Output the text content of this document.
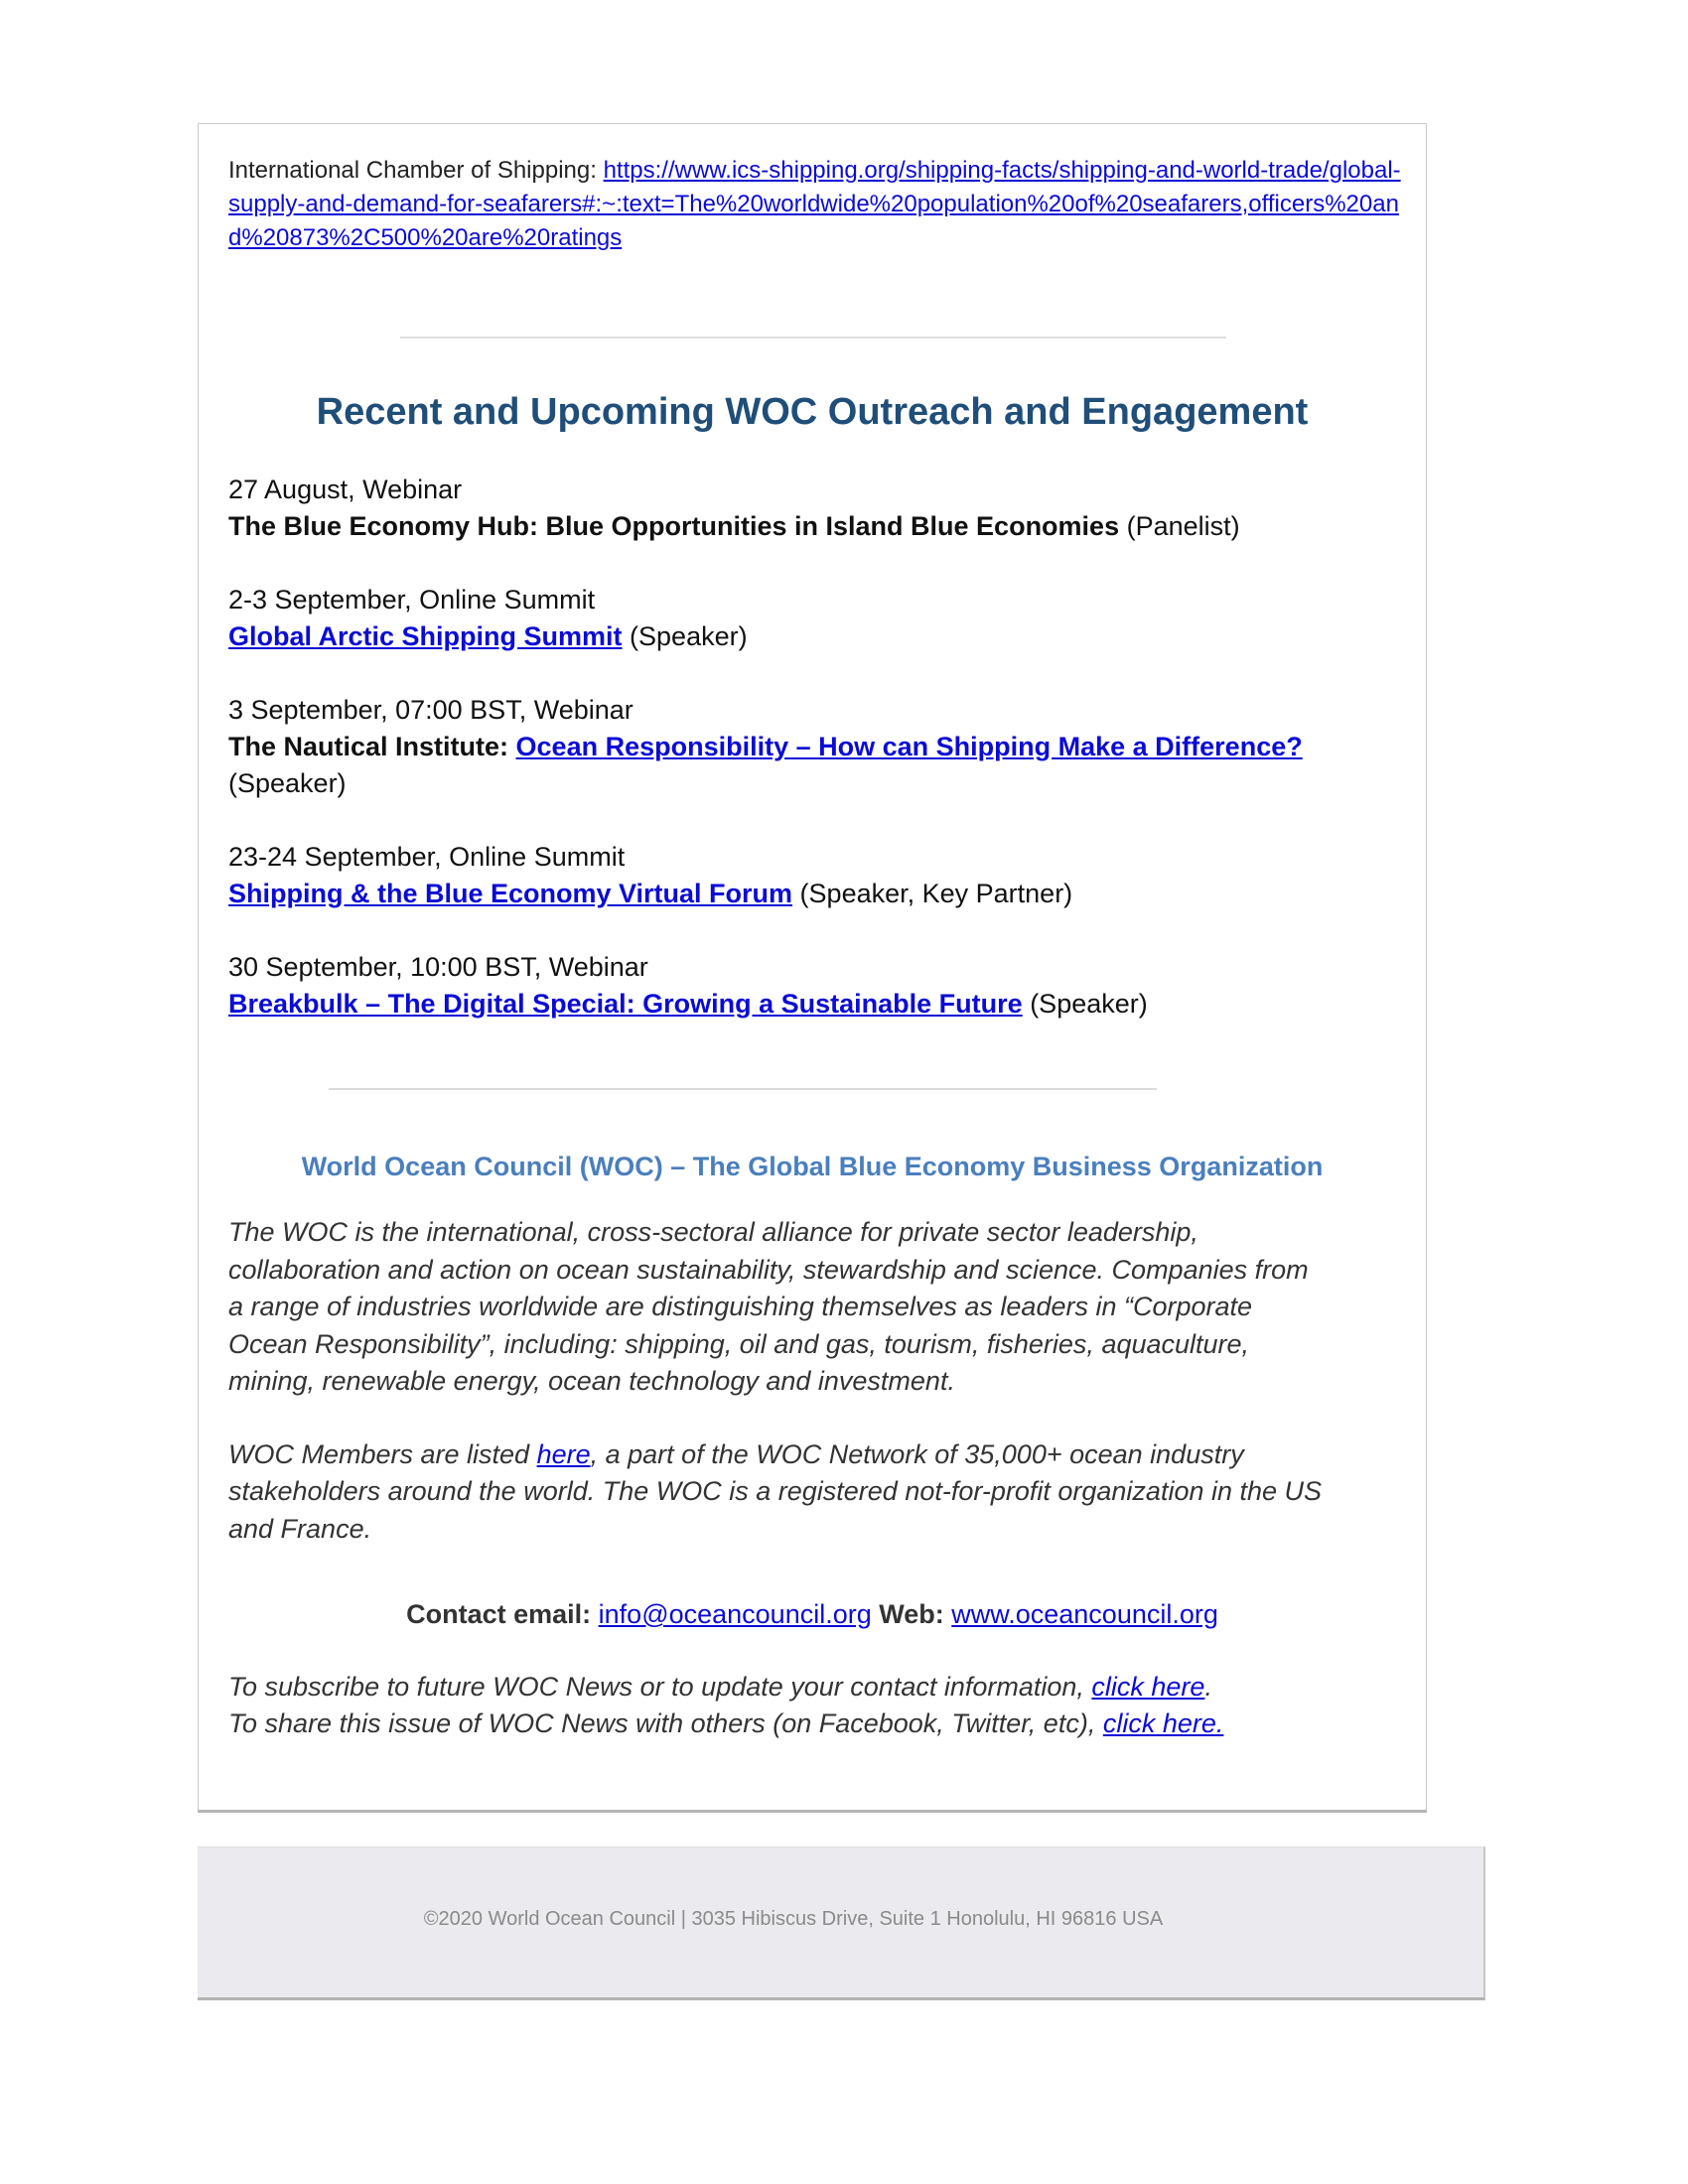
International Chamber of Shipping: https://www.ics-shipping.org/shipping-facts/shipping-and-world-trade/global-supply-and-demand-for-seafarers#:~:text=The%20worldwide%20population%20of%20seafarers,officers%20and%20873%2C500%20are%20ratings
Recent and Upcoming WOC Outreach and Engagement
27 August, Webinar
The Blue Economy Hub: Blue Opportunities in Island Blue Economies (Panelist)
2-3 September, Online Summit
Global Arctic Shipping Summit (Speaker)
3 September, 07:00 BST, Webinar
The Nautical Institute: Ocean Responsibility – How can Shipping Make a Difference?
(Speaker)
23-24 September, Online Summit
Shipping & the Blue Economy Virtual Forum (Speaker, Key Partner)
30 September, 10:00 BST, Webinar
Breakbulk – The Digital Special: Growing a Sustainable Future (Speaker)
World Ocean Council (WOC) – The Global Blue Economy Business Organization

The WOC is the international, cross-sectoral alliance for private sector leadership, collaboration and action on ocean sustainability, stewardship and science. Companies from a range of industries worldwide are distinguishing themselves as leaders in “Corporate Ocean Responsibility”, including: shipping, oil and gas, tourism, fisheries, aquaculture, mining, renewable energy, ocean technology and investment.

WOC Members are listed here, a part of the WOC Network of 35,000+ ocean industry stakeholders around the world. The WOC is a registered not-for-profit organization in the US and France.

Contact email: info@oceancouncil.org Web: www.oceancouncil.org
To subscribe to future WOC News or to update your contact information, click here.
To share this issue of WOC News with others (on Facebook, Twitter, etc), click here.
©2020 World Ocean Council | 3035 Hibiscus Drive, Suite 1 Honolulu, HI 96816 USA
